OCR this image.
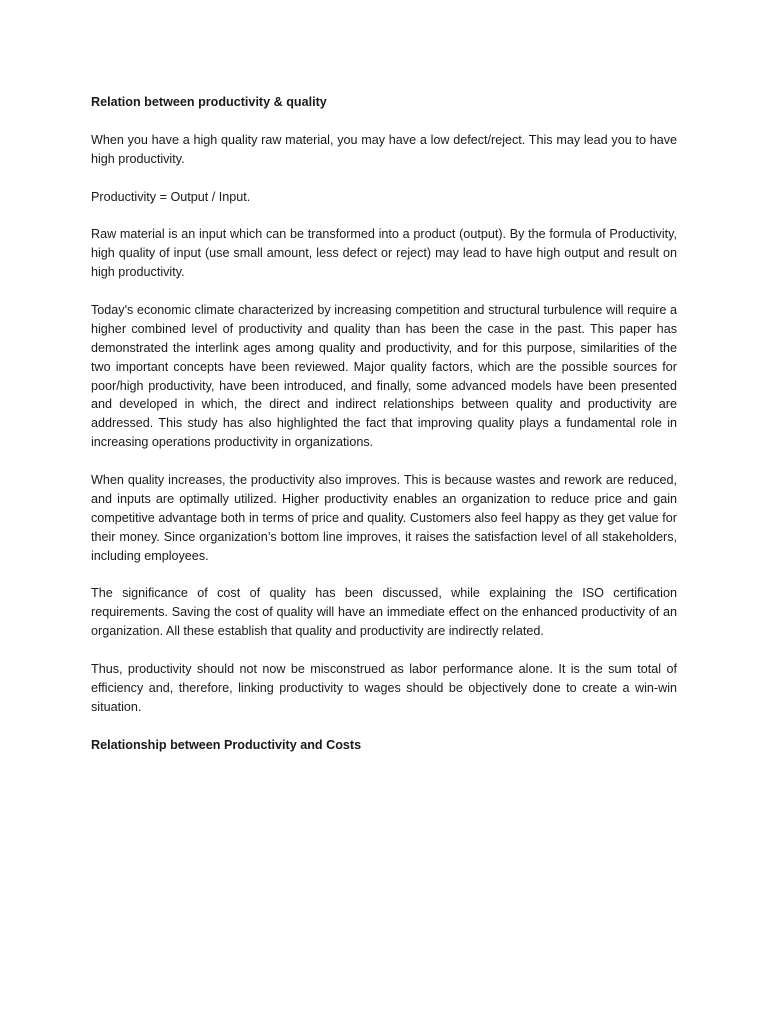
Relation between productivity & quality

When you have a high quality raw material, you may have a low defect/reject. This may lead you to have high productivity.

Productivity = Output / Input.

Raw material is an input which can be transformed into a product (output). By the formula of Productivity, high quality of input (use small amount, less defect or reject) may lead to have high output and result on high productivity.

Today's economic climate characterized by increasing competition and structural turbulence will require a higher combined level of productivity and quality than has been the case in the past. This paper has demonstrated the interlink ages among quality and productivity, and for this purpose, similarities of the two important concepts have been reviewed. Major quality factors, which are the possible sources for poor/high productivity, have been introduced, and finally, some advanced models have been presented and developed in which, the direct and indirect relationships between quality and productivity are addressed. This study has also highlighted the fact that improving quality plays a fundamental role in increasing operations productivity in organizations.

When quality increases, the productivity also improves. This is because wastes and rework are reduced, and inputs are optimally utilized. Higher productivity enables an organization to reduce price and gain competitive advantage both in terms of price and quality. Customers also feel happy as they get value for their money. Since organization’s bottom line improves, it raises the satisfaction level of all stakeholders, including employees.

The significance of cost of quality has been discussed, while explaining the ISO certification requirements. Saving the cost of quality will have an immediate effect on the enhanced productivity of an organization. All these establish that quality and productivity are indirectly related.

Thus, productivity should not now be misconstrued as labor performance alone. It is the sum total of efficiency and, therefore, linking productivity to wages should be objectively done to create a win-win situation.

Relationship between Productivity and Costs
